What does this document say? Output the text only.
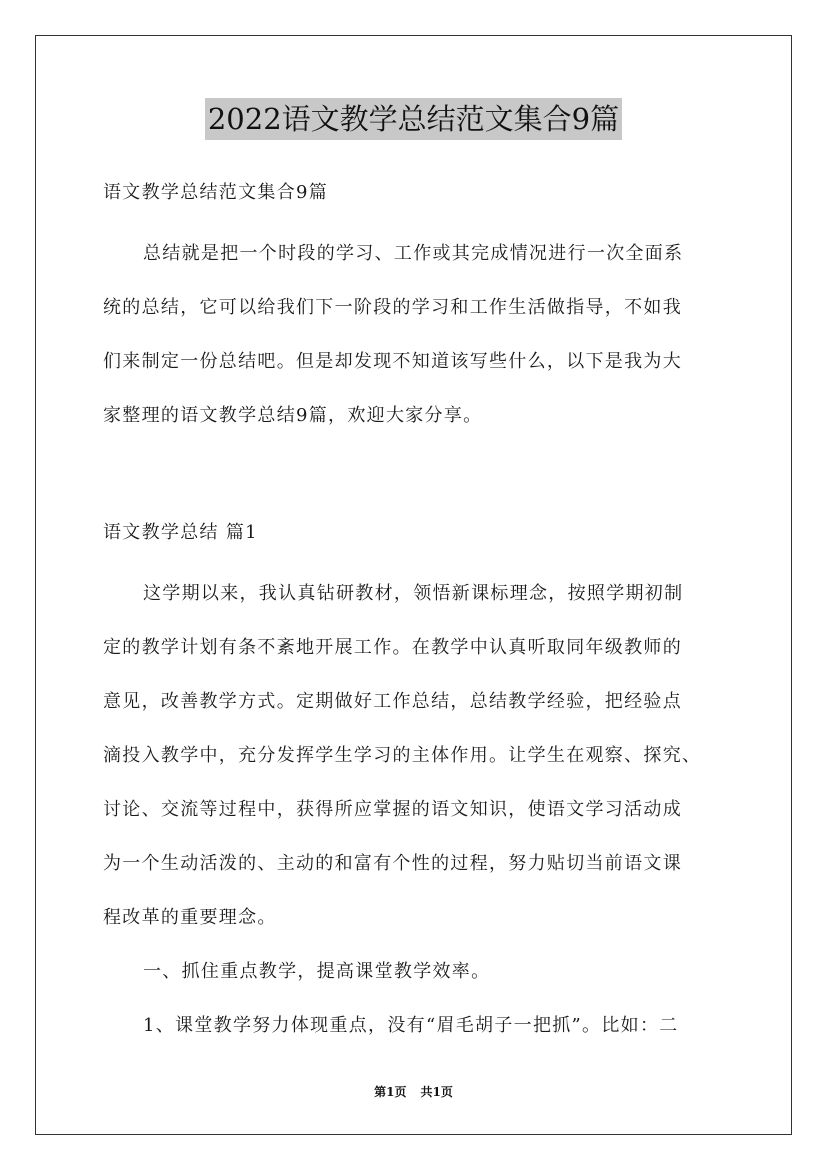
2022语文教学总结范文集合9篇
语文教学总结范文集合9篇
总结就是把一个时段的学习、工作或其完成情况进行一次全面系
统的总结，它可以给我们下一阶段的学习和工作生活做指导，不如我
们来制定一份总结吧。但是却发现不知道该写些什么，以下是我为大
家整理的语文教学总结9篇，欢迎大家分享。
语文教学总结 篇1
这学期以来，我认真钻研教材，领悟新课标理念，按照学期初制
定的教学计划有条不紊地开展工作。在教学中认真听取同年级教师的
意见，改善教学方式。定期做好工作总结，总结教学经验，把经验点
滴投入教学中，充分发挥学生学习的主体作用。让学生在观察、探究、
讨论、交流等过程中，获得所应掌握的语文知识，使语文学习活动成
为一个生动活泼的、主动的和富有个性的过程，努力贴切当前语文课
程改革的重要理念。
一、抓住重点教学，提高课堂教学效率。
1、课堂教学努力体现重点，没有“眉毛胡子一把抓”。比如：二
第1页 共1页
